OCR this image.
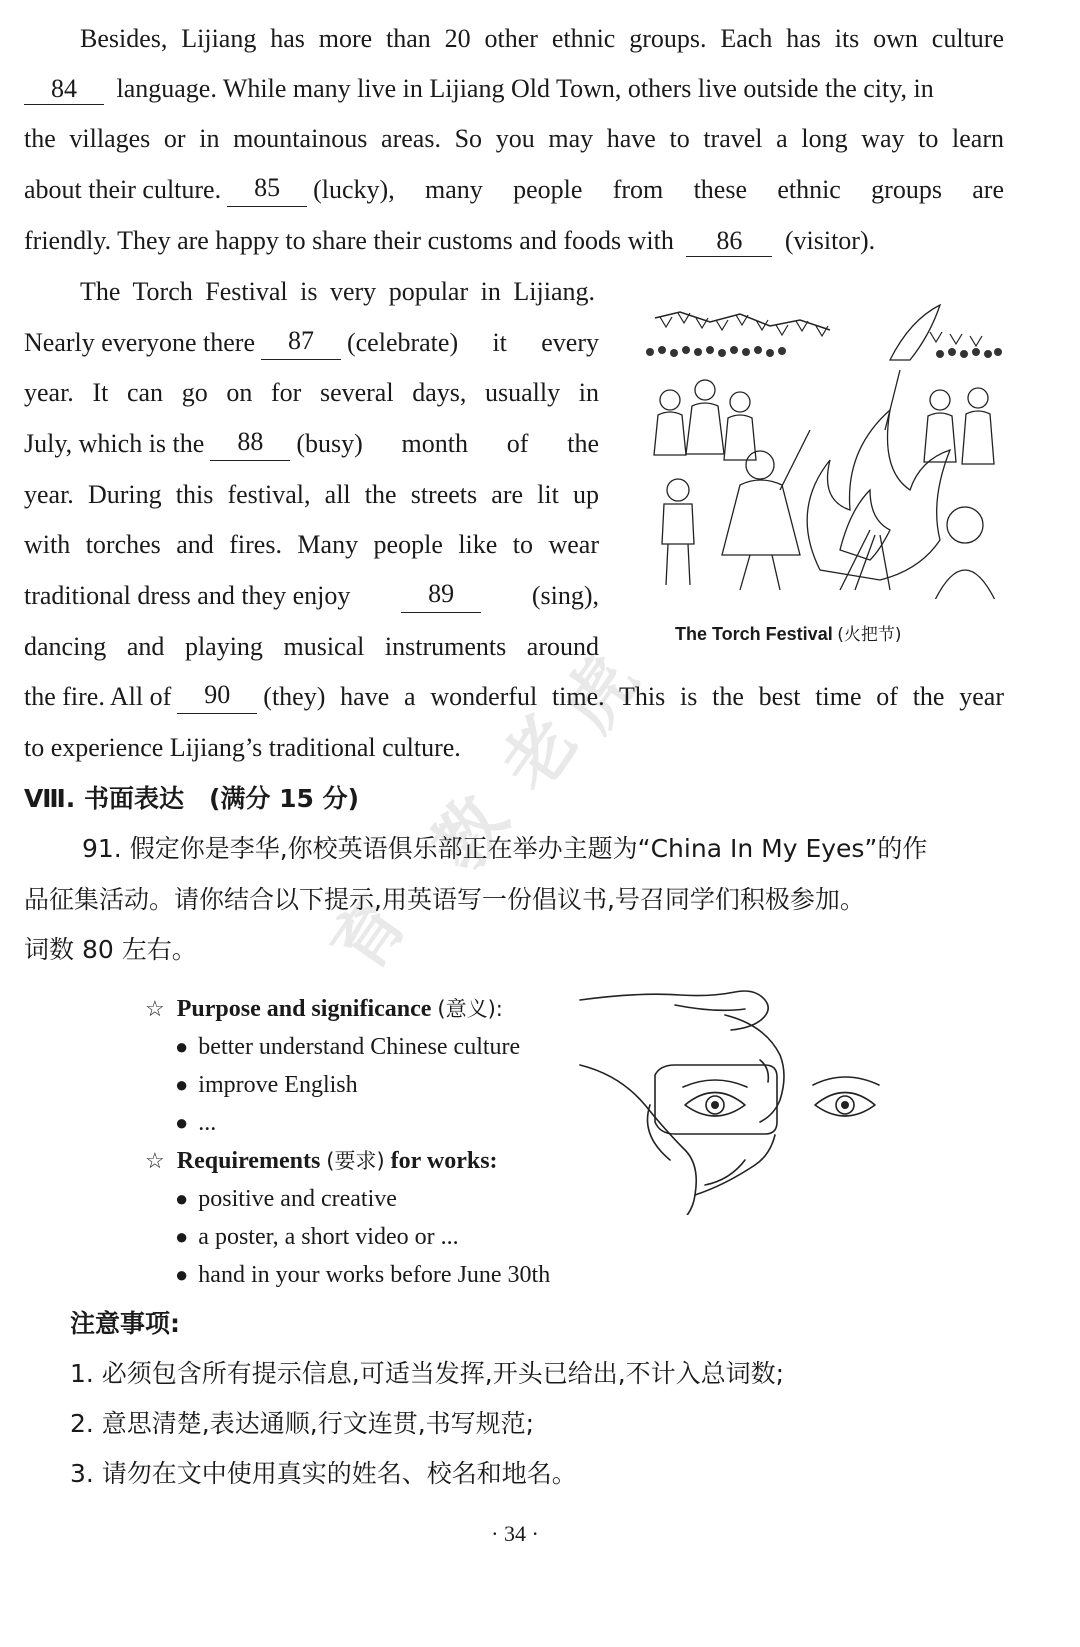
虎
老
教
育
Besides, Lijiang has more than 20 other ethnic groups. Each has its own culture
84 language. While many live in Lijiang Old Town, others live outside the city, in
the villages or in mountainous areas. So you may have to travel a long way to learn
about their culture.	85	(lucky), many people from these ethnic groups are
friendly. They are happy to share their customs and foods with 86 (visitor).
The Torch Festival is very popular in Lijiang.
Nearly everyone there	87	(celebrate) it every
year. It can go on for several days, usually in
July, which is the	88	(busy) month of the
year. During this festival, all the streets are lit up
with torches and fires. Many people like to wear
traditional dress and they enjoy	89	(sing),
dancing and playing musical instruments around
the fire. All of	90	(they) have a wonderful time. This is the best time of the year
to experience Lijiang’s traditional culture.
The Torch Festival (火把节)
Ⅷ. 书面表达　(满分 15 分)
91. 假定你是李华,你校英语俱乐部正在举办主题为“China In My Eyes”的作
品征集活动。请你结合以下提示,用英语写一份倡议书,号召同学们积极参加。
词数 80 左右。
☆ Purpose and significance (意义):
● better understand Chinese culture
● improve English
● ...
☆ Requirements (要求) for works:
● positive and creative
● a poster, a short video or ...
● hand in your works before June 30th
注意事项:
1. 必须包含所有提示信息,可适当发挥,开头已给出,不计入总词数;
2. 意思清楚,表达通顺,行文连贯,书写规范;
3. 请勿在文中使用真实的姓名、校名和地名。
· 34 ·
